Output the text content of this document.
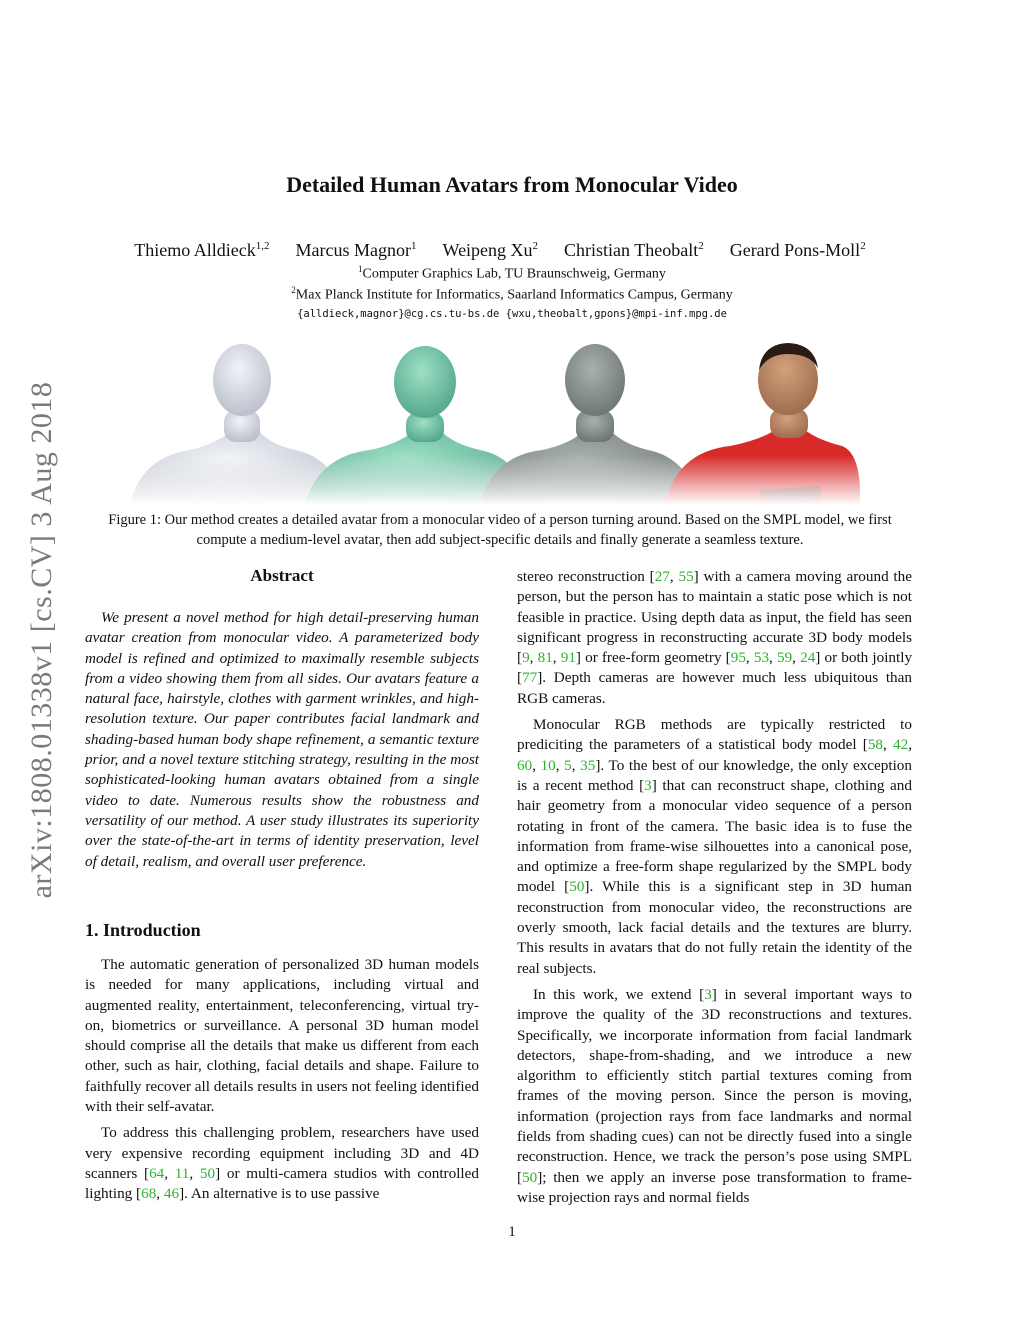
Detailed Human Avatars from Monocular Video
Thiemo Alldieck$^{1,2}$ Marcus Magnor$^1$ Weipeng Xu$^2$ Christian Theobalt$^2$ Gerard Pons-Moll$^2$
$^1$Computer Graphics Lab, TU Braunschweig, Germany
$^2$Max Planck Institute for Informatics, Saarland Informatics Campus, Germany
{alldieck,magnor}@cg.cs.tu-bs.de {wxu,theobalt,gpons}@mpi-inf.mpg.de
arXiv:1808.01338v1 [cs.CV] 3 Aug 2018	Figure 1: Our method creates a detailed avatar from a monocular video of a person turning around. Based on the SMPL model, we first compute a medium-level avatar, then add subject-specific details and finally generate a seamless texture.
Abstract

We present a novel method for high detail-preserving human avatar creation from monocular video. A parameterized body model is refined and optimized to maximally resemble subjects from a video showing them from all sides. Our avatars feature a natural face, hairstyle, clothes with garment wrinkles, and high-resolution texture. Our paper contributes facial landmark and shading-based human body shape refinement, a semantic texture prior, and a novel texture stitching strategy, resulting in the most sophisticated-looking human avatars obtained from a single video to date. Numerous results show the robustness and versatility of our method. A user study illustrates its superiority over the state-of-the-art in terms of identity preservation, level of detail, realism, and overall user preference.

1. Introduction

The automatic generation of personalized 3D human models is needed for many applications, including virtual and augmented reality, entertainment, teleconferencing, virtual try-on, biometrics or surveillance. A personal 3D human model should comprise all the details that make us different from each other, such as hair, clothing, facial details and shape. Failure to faithfully recover all details results in users not feeling identified with their self-avatar.

To address this challenging problem, researchers have used very expensive recording equipment including 3D and 4D scanners [64, 11, 50] or multi-camera studios with controlled lighting [68, 46]. An alternative is to use passive

stereo reconstruction [27, 55] with a camera moving around the person, but the person has to maintain a static pose which is not feasible in practice. Using depth data as input, the field has seen significant progress in reconstructing accurate 3D body models [9, 81, 91] or free-form geometry [95, 53, 59, 24] or both jointly [77]. Depth cameras are however much less ubiquitous than RGB cameras.

Monocular RGB methods are typically restricted to prediciting the parameters of a statistical body model [58, 42, 60, 10, 5, 35]. To the best of our knowledge, the only exception is a recent method [3] that can reconstruct shape, clothing and hair geometry from a monocular video sequence of a person rotating in front of the camera. The basic idea is to fuse the information from frame-wise silhouettes into a canonical pose, and optimize a free-form shape regularized by the SMPL body model [50]. While this is a significant step in 3D human reconstruction from monocular video, the reconstructions are overly smooth, lack facial details and the textures are blurry. This results in avatars that do not fully retain the identity of the real subjects.

In this work, we extend [3] in several important ways to improve the quality of the 3D reconstructions and textures. Specifically, we incorporate information from facial landmark detectors, shape-from-shading, and we introduce a new algorithm to efficiently stitch partial textures coming from frames of the moving person. Since the person is moving, information (projection rays from face landmarks and normal fields from shading cues) can not be directly fused into a single reconstruction. Hence, we track the person’s pose using SMPL [50]; then we apply an inverse pose transformation to frame-wise projection rays and normal fields

1
